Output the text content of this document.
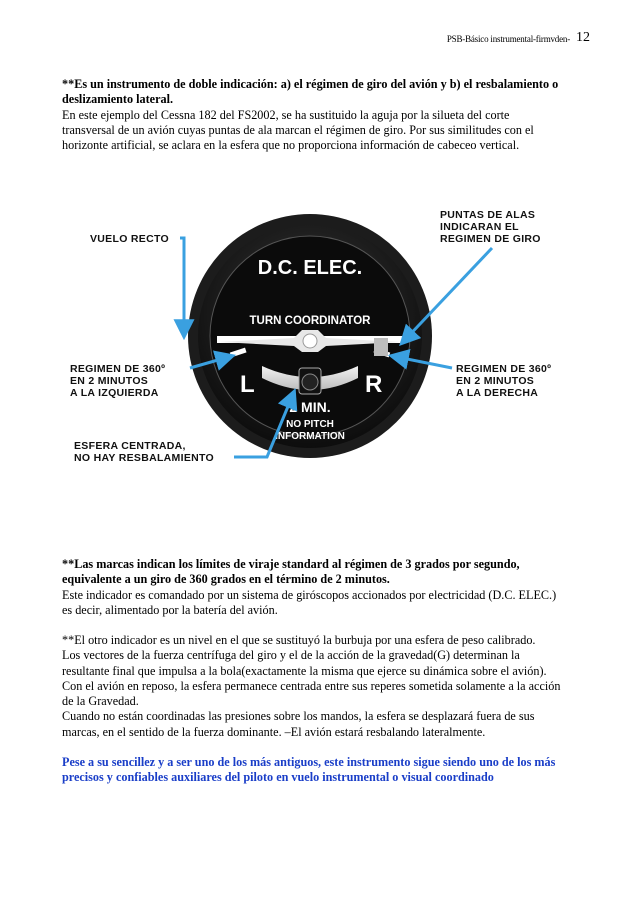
PSB-Básico instrumental-firmvden- 12

**Es un instrumento de doble indicación: a) el régimen de giro del avión y b) el resbalamiento o

deslizamiento lateral.

En este ejemplo del Cessna 182 del FS2002, se ha sustituido la aguja por la silueta del corte

transversal de un avión cuyas puntas de ala marcan el régimen de giro. Por sus similitudes con el

horizonte artificial, se aclara en la esfera que no proporciona información de cabeceo vertical.

D.C. ELEC.
TURN COORDINATOR
L	R
2 MIN.
NO PITCH
INFORMATION
VUELO RECTO
PUNTAS DE ALAS
INDICARAN EL
REGIMEN DE GIRO
REGIMEN DE 360º
EN 2 MINUTOS
A LA IZQUIERDA
REGIMEN DE 360º
EN 2 MINUTOS
A LA DERECHA
ESFERA CENTRADA,
NO HAY RESBALAMIENTO

**Las marcas indican los límites de viraje standard al régimen de 3 grados por segundo,

equivalente a un giro de 360 grados en el término de 2 minutos.

Este indicador es comandado por un sistema de giróscopos accionados por electricidad (D.C. ELEC.)

es decir, alimentado por la batería del avión.

**El otro indicador es un nivel en el que se sustituyó la burbuja por una esfera de peso calibrado.

Los vectores de la fuerza centrífuga del giro y el de la acción de la gravedad(G) determinan la

resultante final que impulsa a la bola(exactamente la misma que ejerce su dinámica sobre el avión).

Con el avión en reposo, la esfera permanece centrada entre sus reperes sometida solamente a la acción

de la Gravedad.

Cuando no están coordinadas las presiones sobre los mandos, la esfera se desplazará fuera de sus

marcas, en el sentido de la fuerza dominante. –El avión estará resbalando lateralmente.

Pese a su sencillez y a ser uno de los más antiguos, este instrumento sigue siendo uno de los más

precisos y confiables auxiliares del piloto en vuelo instrumental o visual coordinado
